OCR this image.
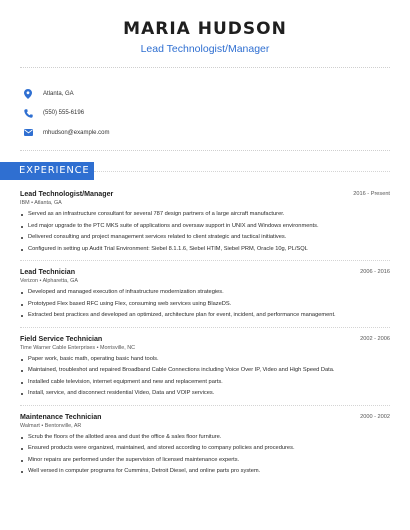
MARIA HUDSON
Lead Technologist/Manager
Atlanta, GA
(550) 555-6196
mhudson@example.com
EXPERIENCE
Lead Technologist/Manager	2016 - Present
IBM • Atlanta, GA
Served as an infrastructure consultant for several 787 design partners of a large aircraft manufacturer.
Led major upgrade to the PTC MKS suite of applications and oversaw support in UNIX and Windows environments.
Delivered consulting and project management services related to client strategic and tactical initiatives.
Configured in setting up Audit Trial Environment: Siebel 8.1.1.6, Siebel HTIM, Siebel PRM, Oracle 10g, PL/SQL
Lead Technician	2006 - 2016
Verizon • Alpharetta, GA
Developed and managed execution of infrastructure modernization strategies.
Prototyped Flex based RFC using Flex, consuming web services using BlazeDS.
Extracted best practices and developed an optimized, architecture plan for event, incident, and performance management.
Field Service Technician	2002 - 2006
Time Warner Cable Enterprises • Morrisville, NC
Paper work, basic math, operating basic hand tools.
Maintained, troubleshot and repaired Broadband Cable Connections including Voice Over IP, Video and High Speed Data.
Installed cable television, internet equipment and new and replacement parts.
Install, service, and disconnect residential Video, Data and VOIP services.
Maintenance Technician	2000 - 2002
Walmart • Bentonville, AR
Scrub the floors of the allotted area and dust the office & sales floor furniture.
Ensured products were organized, maintained, and stored according to company policies and procedures.
Minor repairs are performed under the supervision of licensed maintenance experts.
Well versed in computer programs for Cummins, Detroit Diesel, and online parts pro system.
